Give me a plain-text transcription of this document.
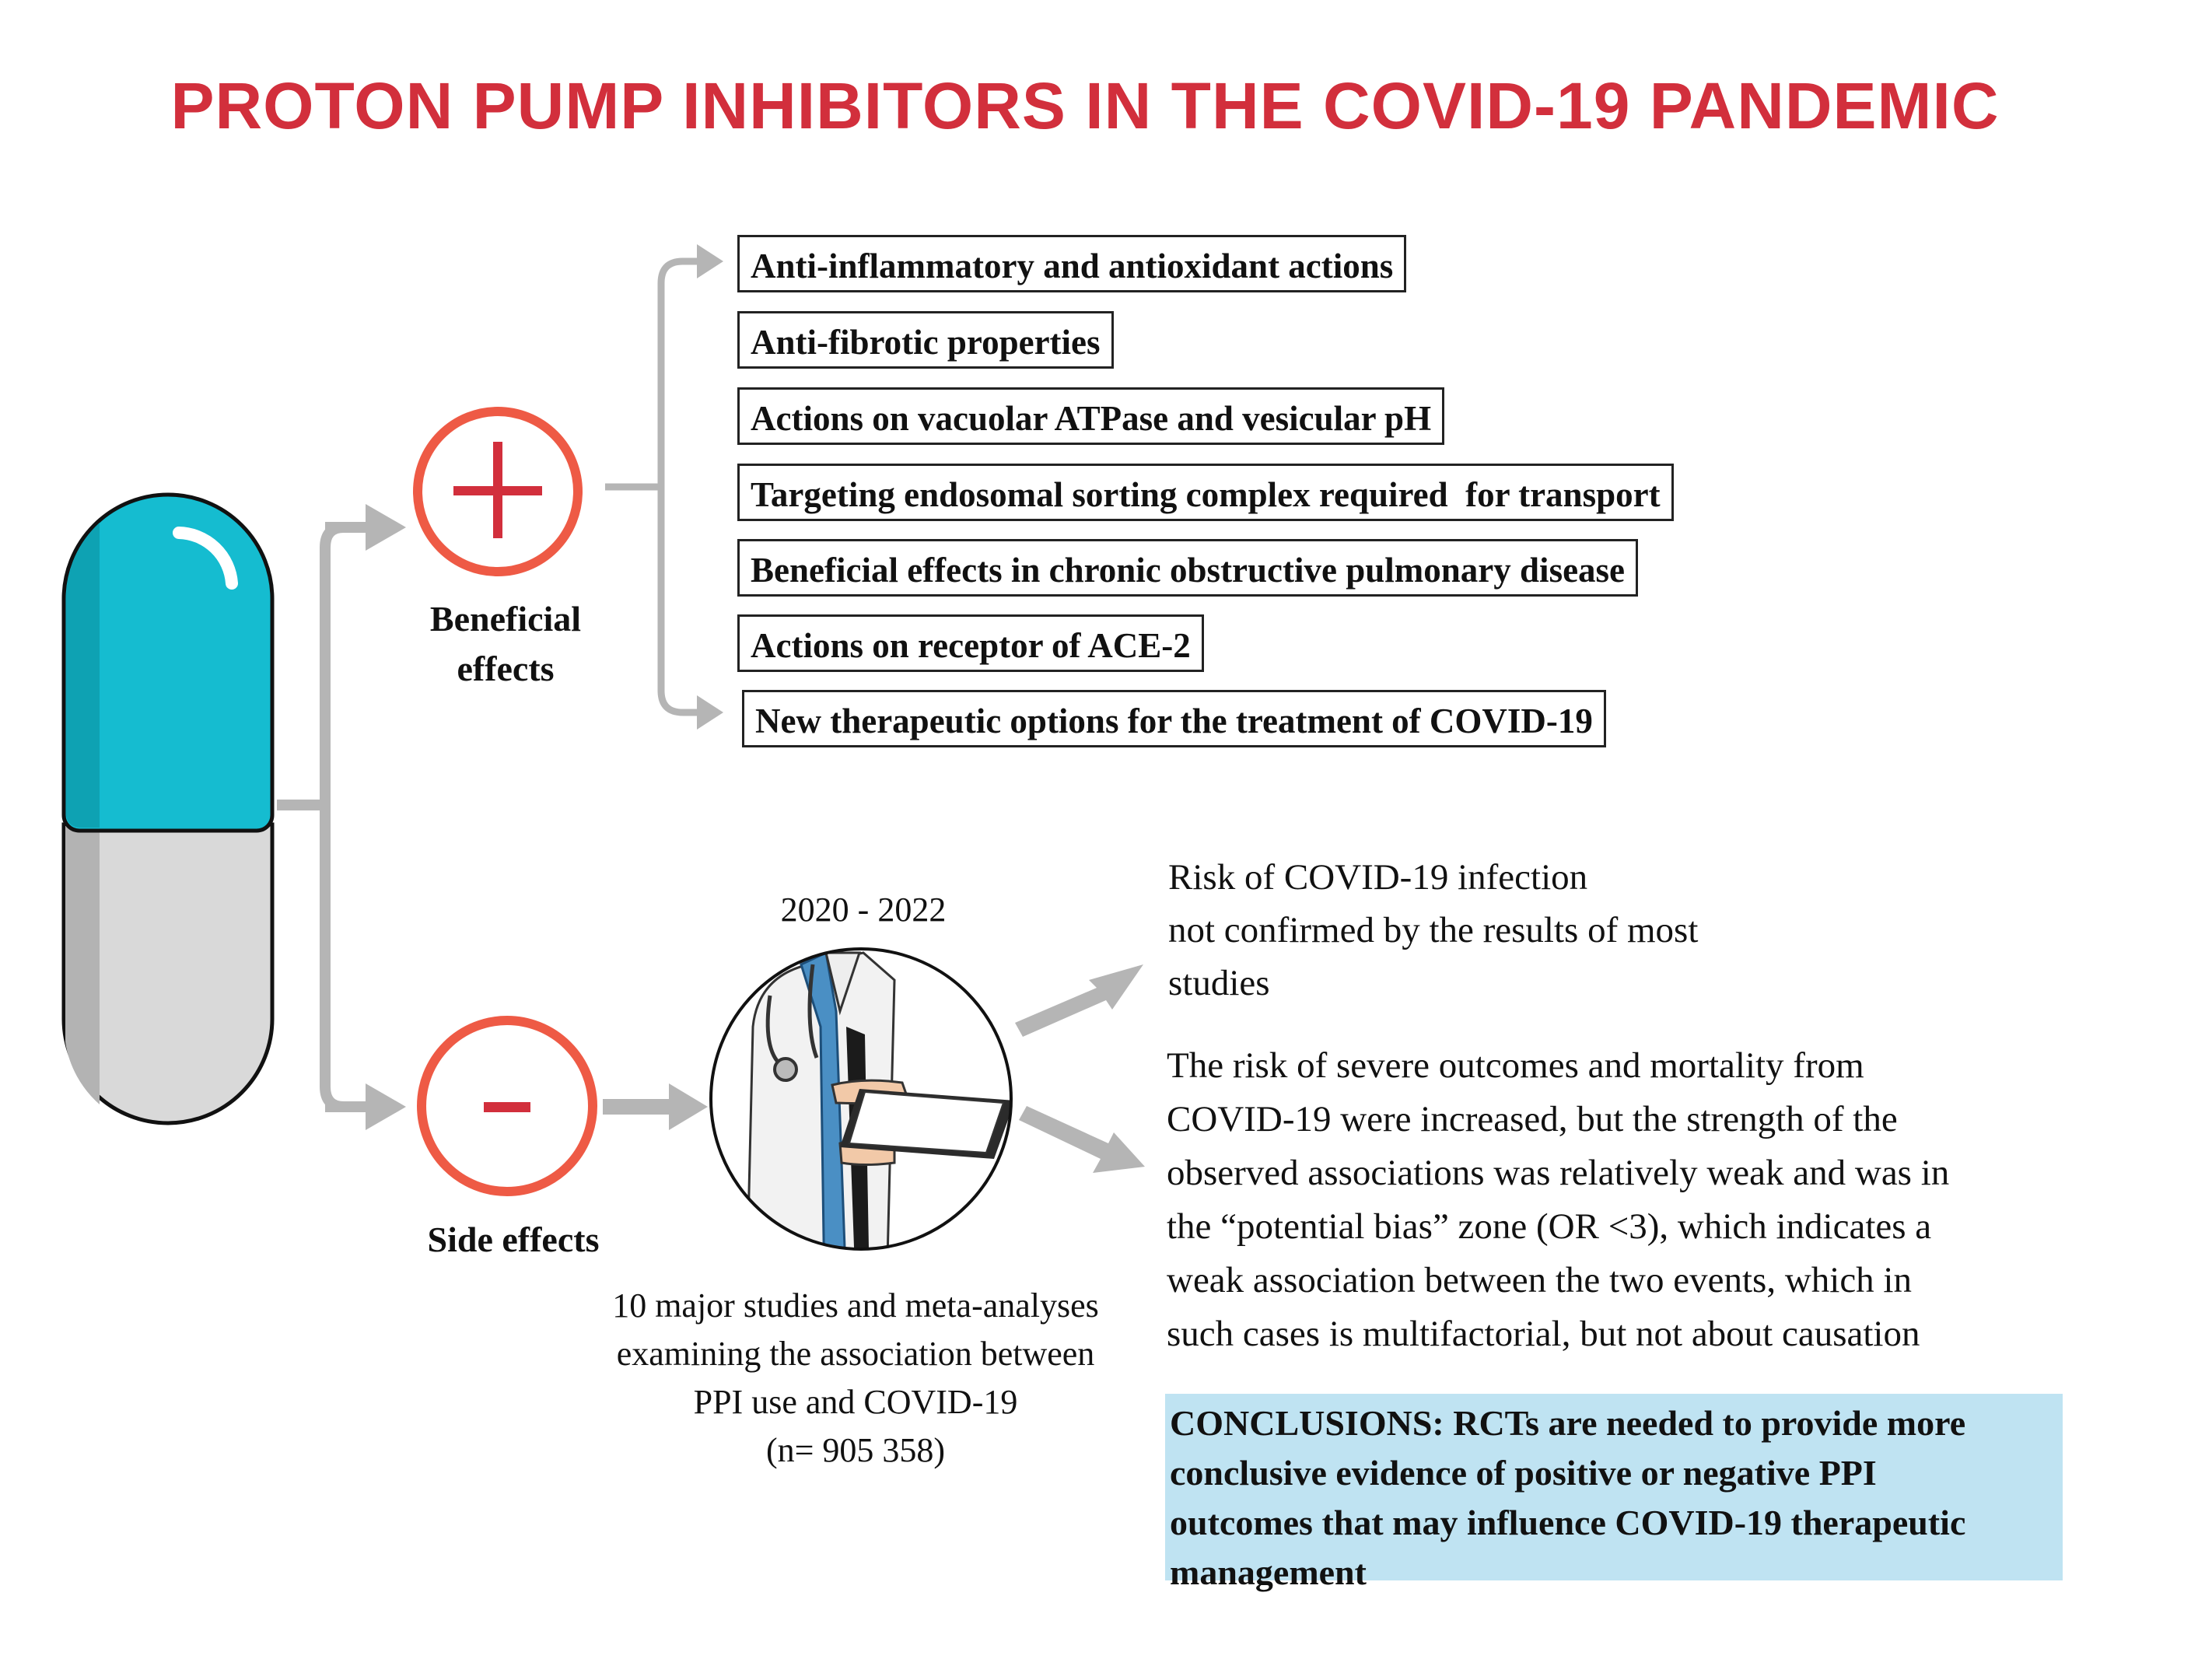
PROTON PUMP INHIBITORS IN THE COVID-19 PANDEMIC
Anti-inflammatory and antioxidant actions
Anti-fibrotic properties
Actions on vacuolar ATPase and vesicular pH
Targeting endosomal sorting complex required  for transport
Beneficial effects in chronic obstructive pulmonary disease
Actions on receptor of ACE-2
New therapeutic options for the treatment of COVID-19
Beneficial
effects
Side effects
2020 - 2022
10 major studies and meta-analyses
examining the association between
PPI use and COVID-19
(n= 905 358)
Risk of COVID-19 infection
not confirmed by the results of most
studies
The risk of severe outcomes and mortality from
COVID-19 were increased, but the strength of the
observed associations was relatively weak and was in
the “potential bias” zone (OR <3), which indicates a
weak association between the two events, which in
such cases is multifactorial, but not about causation
CONCLUSIONS: RCTs are needed to provide more
conclusive evidence of positive or negative PPI
outcomes that may influence COVID-19 therapeutic
management
